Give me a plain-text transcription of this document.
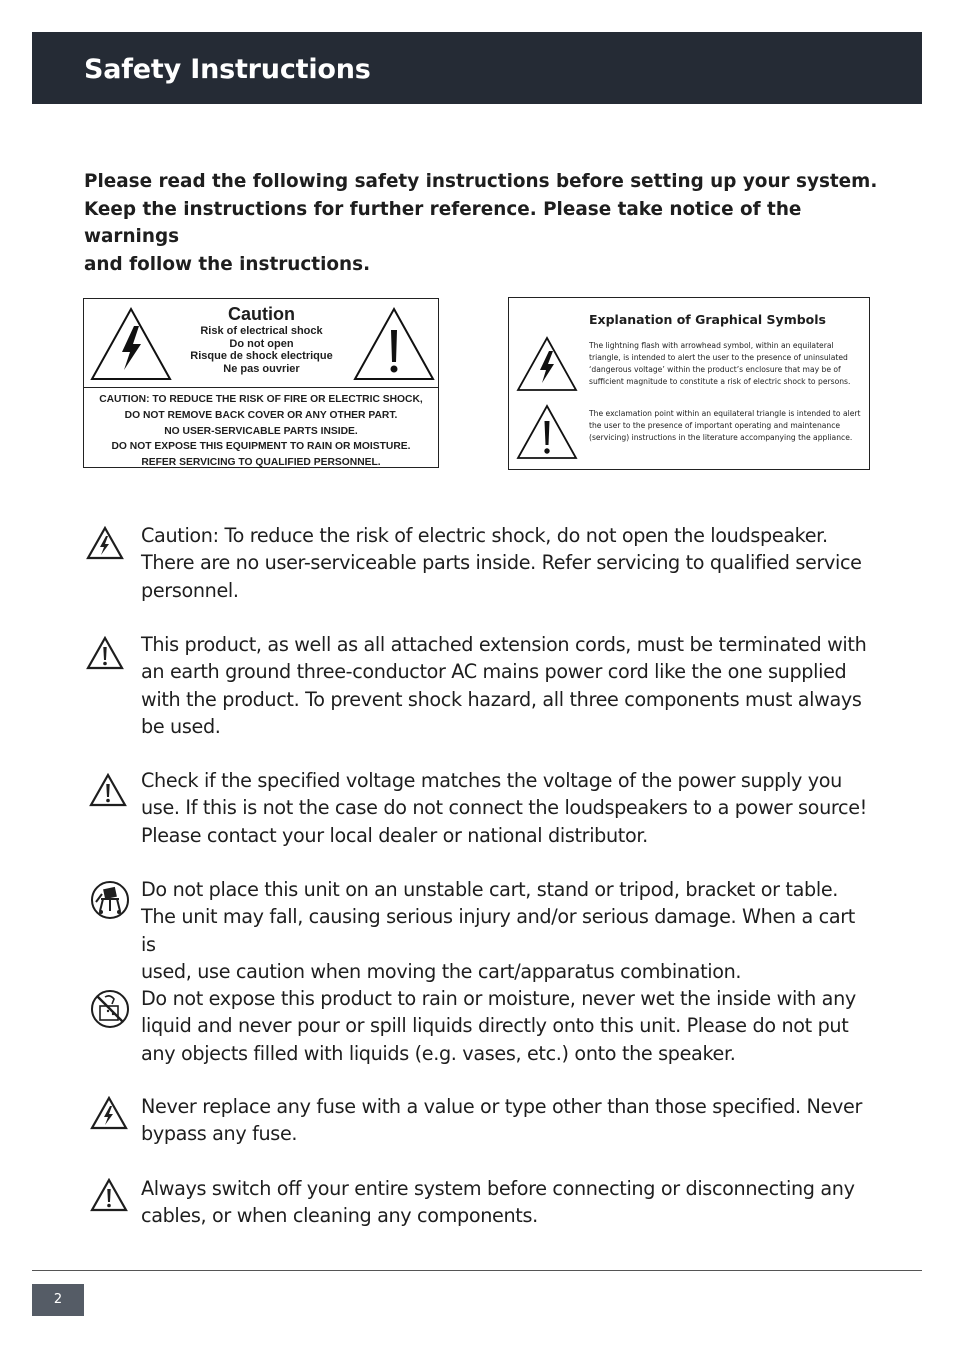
Safety Instructions

Please read the following safety instructions before setting up your system.

Keep the instructions for further reference. Please take notice of the warnings

and follow the instructions.

Caution
Risk of electrical shock
Do not open
Risque de shock electrique
Ne pas ouvrier
CAUTION: TO REDUCE THE RISK OF FIRE OR ELECTRIC SHOCK,
DO NOT REMOVE BACK COVER OR ANY OTHER PART.
NO USER-SERVICABLE PARTS INSIDE.
DO NOT EXPOSE THIS EQUIPMENT TO RAIN OR MOISTURE.
REFER SERVICING TO QUALIFIED PERSONNEL.
Explanation of Graphical Symbols
The lightning flash with arrowhead symbol, within an equilateral triangle, is intended to alert the user to the presence of uninsulated ‘dangerous voltage’ within the product’s enclosure that may be of sufficient magnitude to constitute a risk of electric shock to persons.
The exclamation point within an equilateral triangle is intended to alert the user to the presence of important operating and maintenance (servicing) instructions in the literature accompanying the appliance.
Caution: To reduce the risk of electric shock, do not open the loudspeaker.
There are no user-serviceable parts inside. Refer servicing to qualified service
personnel.
This product, as well as all attached extension cords, must be terminated with
an earth ground three-conductor AC mains power cord like the one supplied
with the product. To prevent shock hazard, all three components must always
be used.
Check if the specified voltage matches the voltage of the power supply you
use. If this is not the case do not connect the loudspeakers to a power source!
Please contact your local dealer or national distributor.
Do not place this unit on an unstable cart, stand or tripod, bracket or table.
The unit may fall, causing serious injury and/or serious damage. When a cart is
used, use caution when moving the cart/apparatus combination.
Do not expose this product to rain or moisture, never wet the inside with any
liquid and never pour or spill liquids directly onto this unit. Please do not put
any objects filled with liquids (e.g. vases, etc.) onto the speaker.
Never replace any fuse with a value or type other than those specified. Never
bypass any fuse.
Always switch off your entire system before connecting or disconnecting any
cables, or when cleaning any components.
2
